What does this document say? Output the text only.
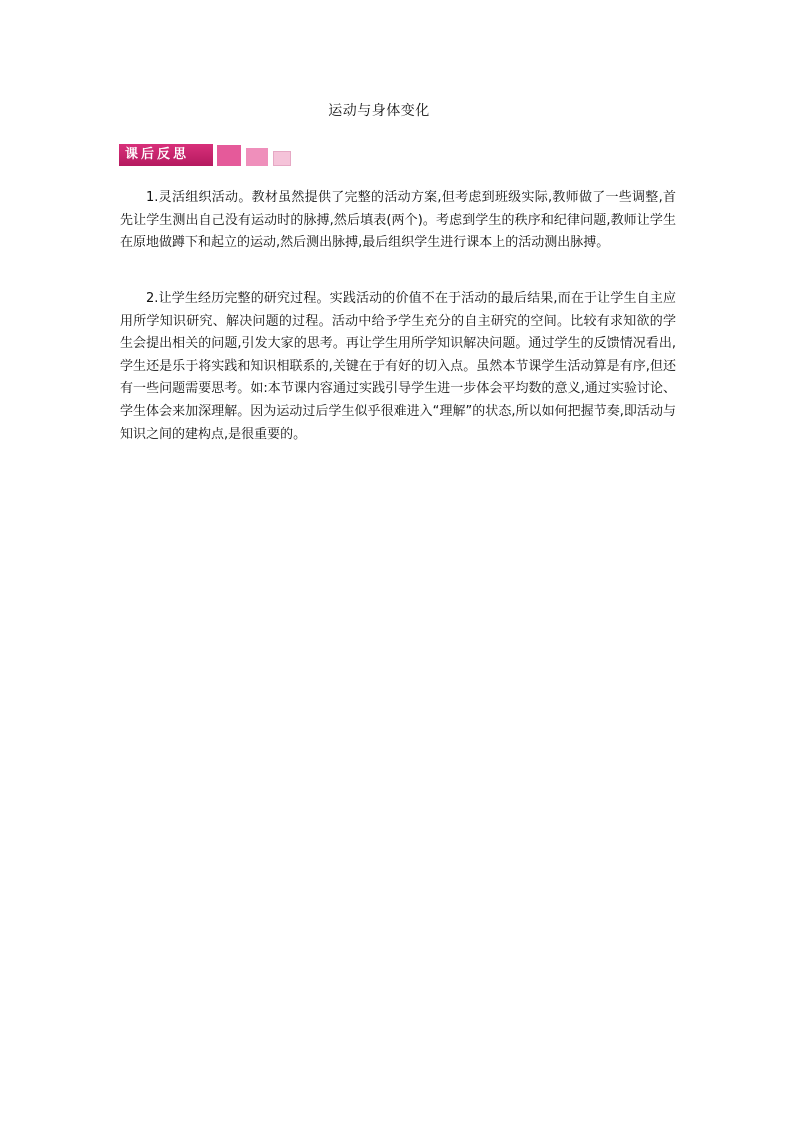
运动与身体变化
课后反思

1.灵活组织活动。教材虽然提供了完整的活动方案,但考虑到班级实际,教师做了一些调整,首先让学生测出自己没有运动时的脉搏,然后填表(两个)。考虑到学生的秩序和纪律问题,教师让学生在原地做蹲下和起立的运动,然后测出脉搏,最后组织学生进行课本上的活动测出脉搏。

2.让学生经历完整的研究过程。实践活动的价值不在于活动的最后结果,而在于让学生自主应用所学知识研究、解决问题的过程。活动中给予学生充分的自主研究的空间。比较有求知欲的学生会提出相关的问题,引发大家的思考。再让学生用所学知识解决问题。通过学生的反馈情况看出,学生还是乐于将实践和知识相联系的,关键在于有好的切入点。虽然本节课学生活动算是有序,但还有一些问题需要思考。如:本节课内容通过实践引导学生进一步体会平均数的意义,通过实验讨论、学生体会来加深理解。因为运动过后学生似乎很难进入“理解”的状态,所以如何把握节奏,即活动与知识之间的建构点,是很重要的。
